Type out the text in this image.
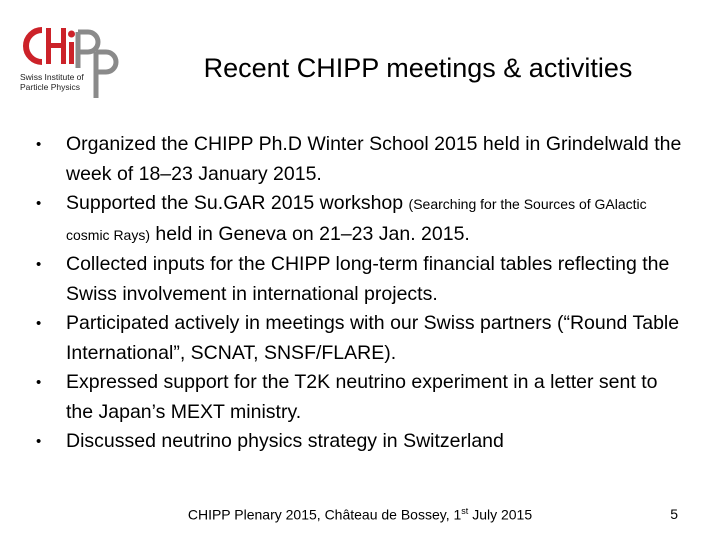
Swiss Institute of
Particle Physics
Recent CHIPP meetings & activities
• Organized the CHIPP Ph.D Winter School 2015 held in Grindelwald the week of 18–23 January 2015.
• Supported the Su.GAR 2015 workshop (Searching for the Sources of GAlactic cosmic Rays) held in Geneva on 21–23 Jan. 2015.
• Collected inputs for the CHIPP long-term financial tables reflecting the Swiss involvement in international projects.
• Participated actively in meetings with our Swiss partners (“Round Table International”, SCNAT, SNSF/FLARE).
• Expressed support for the T2K neutrino experiment in a letter sent to the Japan’s MEXT ministry.
• Discussed neutrino physics strategy in Switzerland
CHIPP Plenary 2015, Château de Bossey, 1st July 2015	5
